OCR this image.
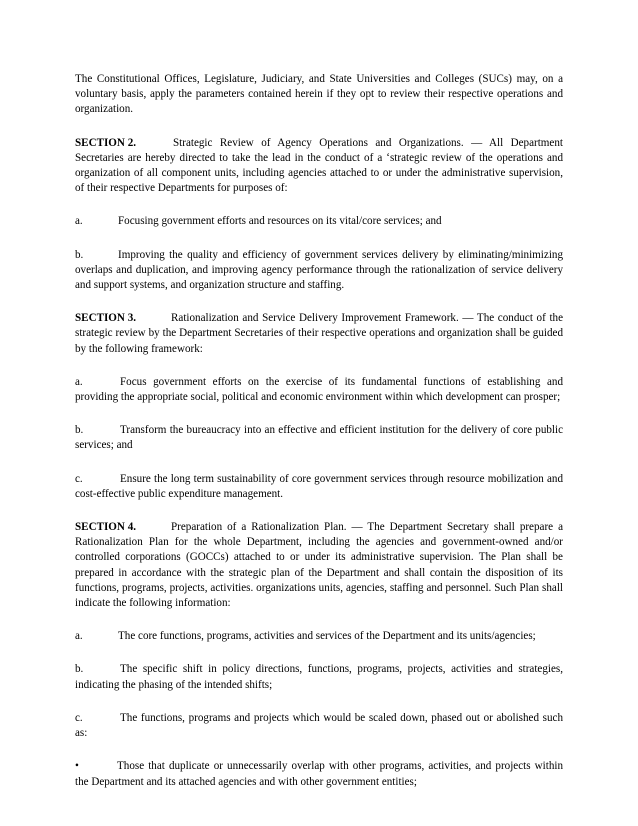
The Constitutional Offices, Legislature, Judiciary, and State Universities and Colleges (SUCs) may, on a voluntary basis, apply the parameters contained herein if they opt to review their respective operations and organization.

SECTION 2.	Strategic Review of Agency Operations and Organizations. — All Department Secretaries are hereby directed to take the lead in the conduct of a ‘strategic review of the operations and organization of all component units, including agencies attached to or under the administrative supervision, of their respective Departments for purposes of:

a.	Focusing government efforts and resources on its vital/core services; and

b.	Improving the quality and efficiency of government services delivery by eliminating/minimizing overlaps and duplication, and improving agency performance through the rationalization of service delivery and support systems, and organization structure and staffing.

SECTION 3.	Rationalization and Service Delivery Improvement Framework. — The conduct of the strategic review by the Department Secretaries of their respective operations and organization shall be guided by the following framework:

a.	Focus government efforts on the exercise of its fundamental functions of establishing and providing the appropriate social, political and economic environment within which development can prosper;

b.	Transform the bureaucracy into an effective and efficient institution for the delivery of core public services; and

c.	Ensure the long term sustainability of core government services through resource mobilization and cost-effective public expenditure management.

SECTION 4.	Preparation of a Rationalization Plan. — The Department Secretary shall prepare a Rationalization Plan for the whole Department, including the agencies and government-owned and/or controlled corporations (GOCCs) attached to or under its administrative supervision. The Plan shall be prepared in accordance with the strategic plan of the Department and shall contain the disposition of its functions, programs, projects, activities. organizations units, agencies, staffing and personnel. Such Plan shall indicate the following information:

a.	The core functions, programs, activities and services of the Department and its units/agencies;

b.	The specific shift in policy directions, functions, programs, projects, activities and strategies, indicating the phasing of the intended shifts;

c.	The functions, programs and projects which would be scaled down, phased out or abolished such as:

•	Those that duplicate or unnecessarily overlap with other programs, activities, and projects within the Department and its attached agencies and with other government entities;
